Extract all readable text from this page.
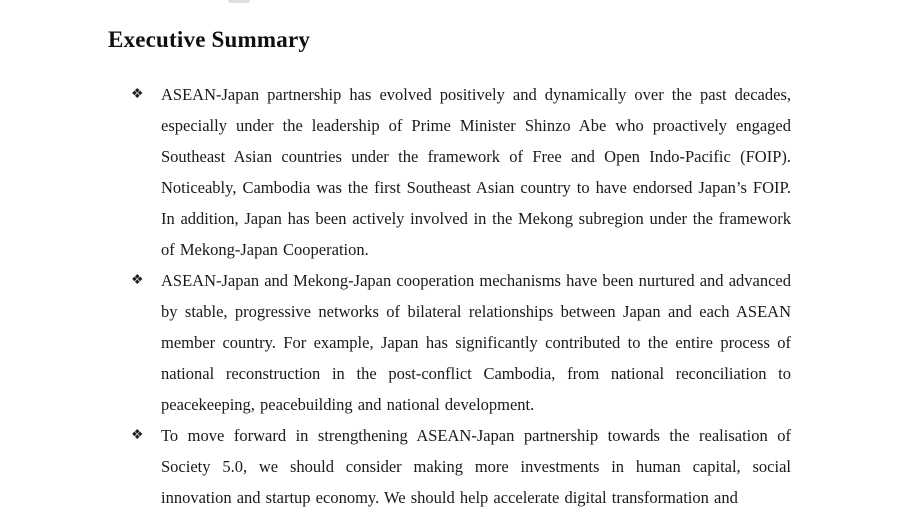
Executive Summary
❖	ASEAN-Japan partnership has evolved positively and dynamically over the past decades, especially under the leadership of Prime Minister Shinzo Abe who proactively engaged Southeast Asian countries under the framework of Free and Open Indo-Pacific (FOIP). Noticeably, Cambodia was the first Southeast Asian country to have endorsed Japan’s FOIP. In addition, Japan has been actively involved in the Mekong subregion under the framework of Mekong-Japan Cooperation.
❖	ASEAN-Japan and Mekong-Japan cooperation mechanisms have been nurtured and advanced by stable, progressive networks of bilateral relationships between Japan and each ASEAN member country. For example, Japan has significantly contributed to the entire process of national reconstruction in the post-conflict Cambodia, from national reconciliation to peacekeeping, peacebuilding and national development.
❖	To move forward in strengthening ASEAN-Japan partnership towards the realisation of Society 5.0, we should consider making more investments in human capital, social innovation and startup economy. We should help accelerate digital transformation and
